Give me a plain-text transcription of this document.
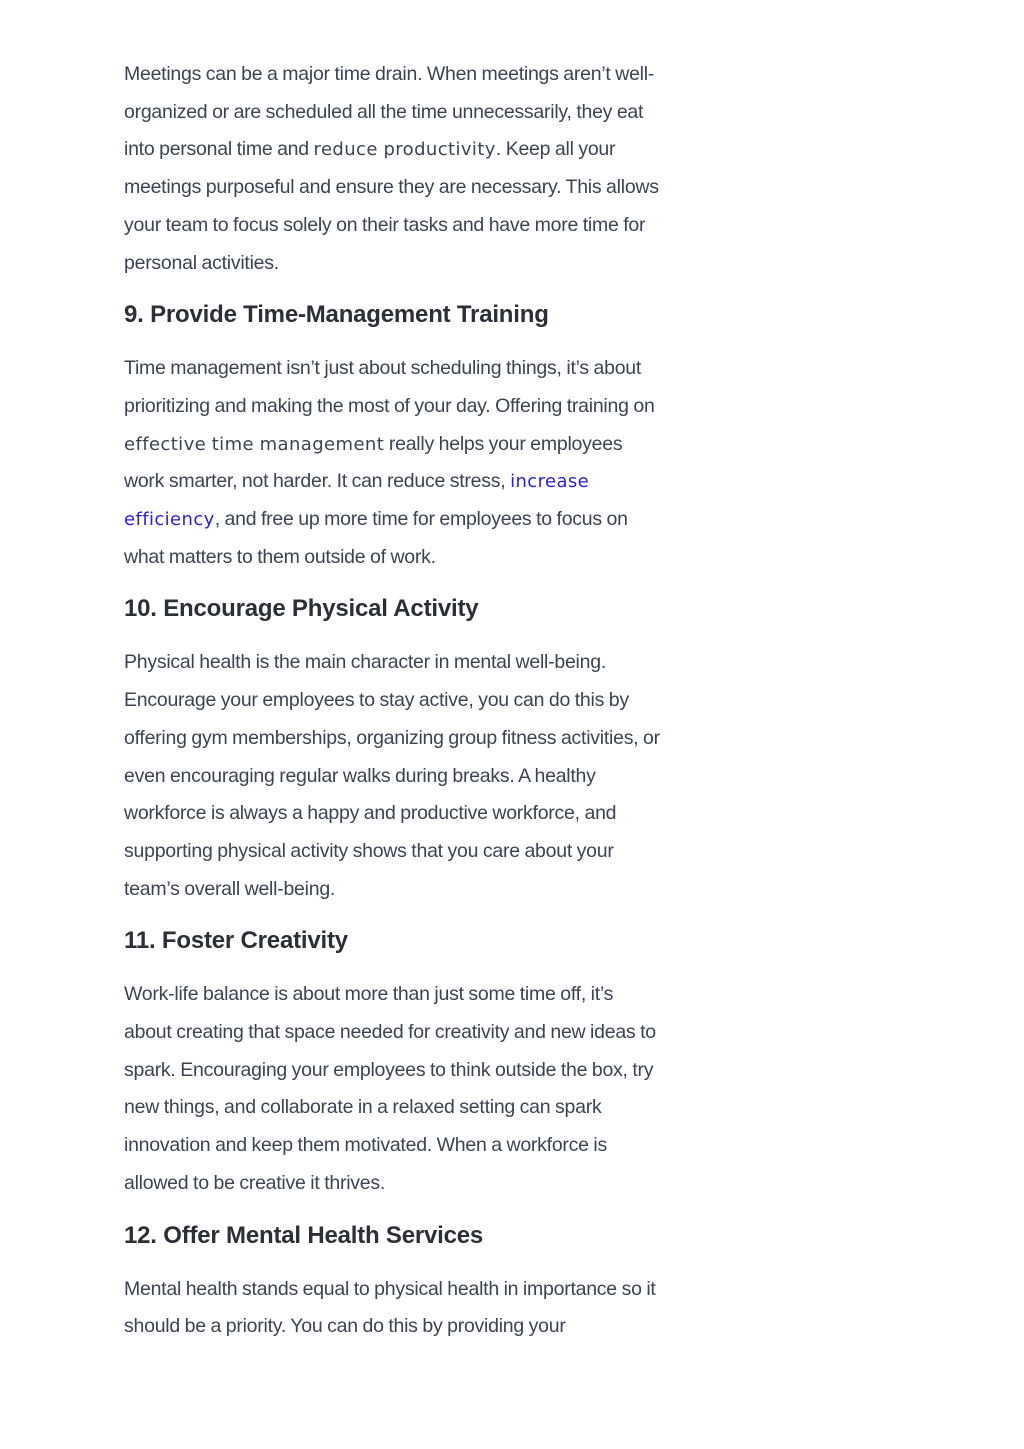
Meetings can be a major time drain. When meetings aren’t well-organized or are scheduled all the time unnecessarily, they eat into personal time and reduce productivity. Keep all your meetings purposeful and ensure they are necessary. This allows your team to focus solely on their tasks and have more time for personal activities.

9. Provide Time-Management Training

Time management isn’t just about scheduling things, it’s about prioritizing and making the most of your day. Offering training on effective time management really helps your employees work smarter, not harder. It can reduce stress, increase efficiency, and free up more time for employees to focus on what matters to them outside of work.

10. Encourage Physical Activity

Physical health is the main character in mental well-being. Encourage your employees to stay active, you can do this by offering gym memberships, organizing group fitness activities, or even encouraging regular walks during breaks. A healthy workforce is always a happy and productive workforce, and supporting physical activity shows that you care about your team’s overall well-being.

11. Foster Creativity

Work-life balance is about more than just some time off, it’s about creating that space needed for creativity and new ideas to spark. Encouraging your employees to think outside the box, try new things, and collaborate in a relaxed setting can spark innovation and keep them motivated. When a workforce is allowed to be creative it thrives.

12. Offer Mental Health Services

Mental health stands equal to physical health in importance so it should be a priority. You can do this by providing your
